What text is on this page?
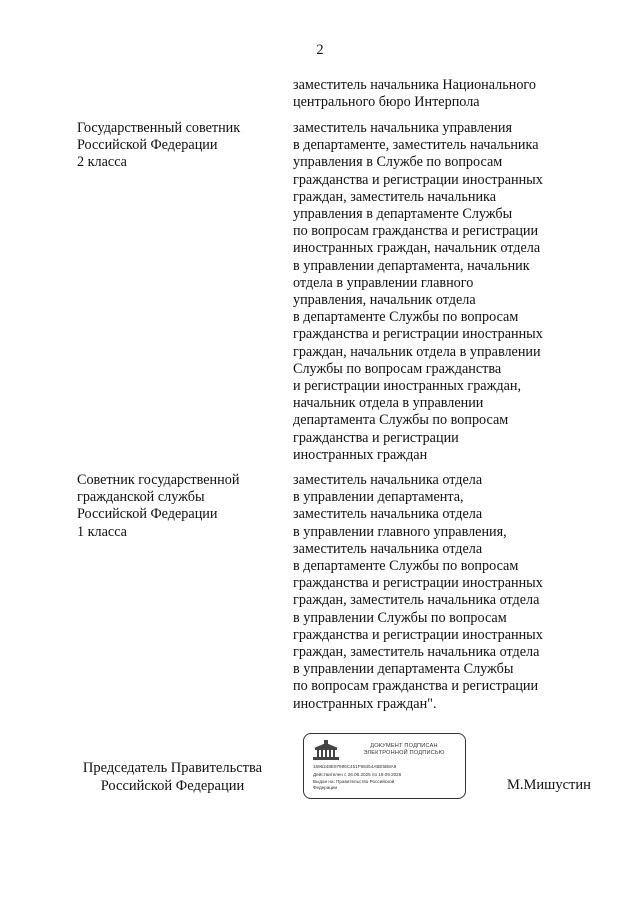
2
заместитель начальника Национального
центрального бюро Интерпола
Государственный советник
Российской Федерации
2 класса
заместитель начальника управления
в департаменте, заместитель начальника
управления в Службе по вопросам
гражданства и регистрации иностранных
граждан, заместитель начальника
управления в департаменте Службы
по вопросам гражданства и регистрации
иностранных граждан, начальник отдела
в управлении департамента, начальник
отдела в управлении главного
управления, начальник отдела
в департаменте Службы по вопросам
гражданства и регистрации иностранных
граждан, начальник отдела в управлении
Службы по вопросам гражданства
и регистрации иностранных граждан,
начальник отдела в управлении
департамента Службы по вопросам
гражданства и регистрации
иностранных граждан
Советник государственной
гражданской службы
Российской Федерации
1 класса
заместитель начальника отдела
в управлении департамента,
заместитель начальника отдела
в управлении главного управления,
заместитель начальника отдела
в департаменте Службы по вопросам
гражданства и регистрации иностранных
граждан, заместитель начальника отдела
в управлении Службы по вопросам
гражданства и регистрации иностранных
граждан, заместитель начальника отдела
в управлении департамента Службы
по вопросам гражданства и регистрации
иностранных граждан".
Председатель Правительства
Российской Федерации
ДОКУМЕНТ ПОДПИСАН
ЭЛЕКТРОННОЙ ПОДПИСЬЮ
1696248E97996C451F98454ABE5B8A9
Действителен с 26.08.2025 по 19.09.2026
Выдан на: Правительство Российской
Федерации	М.Мишустин
